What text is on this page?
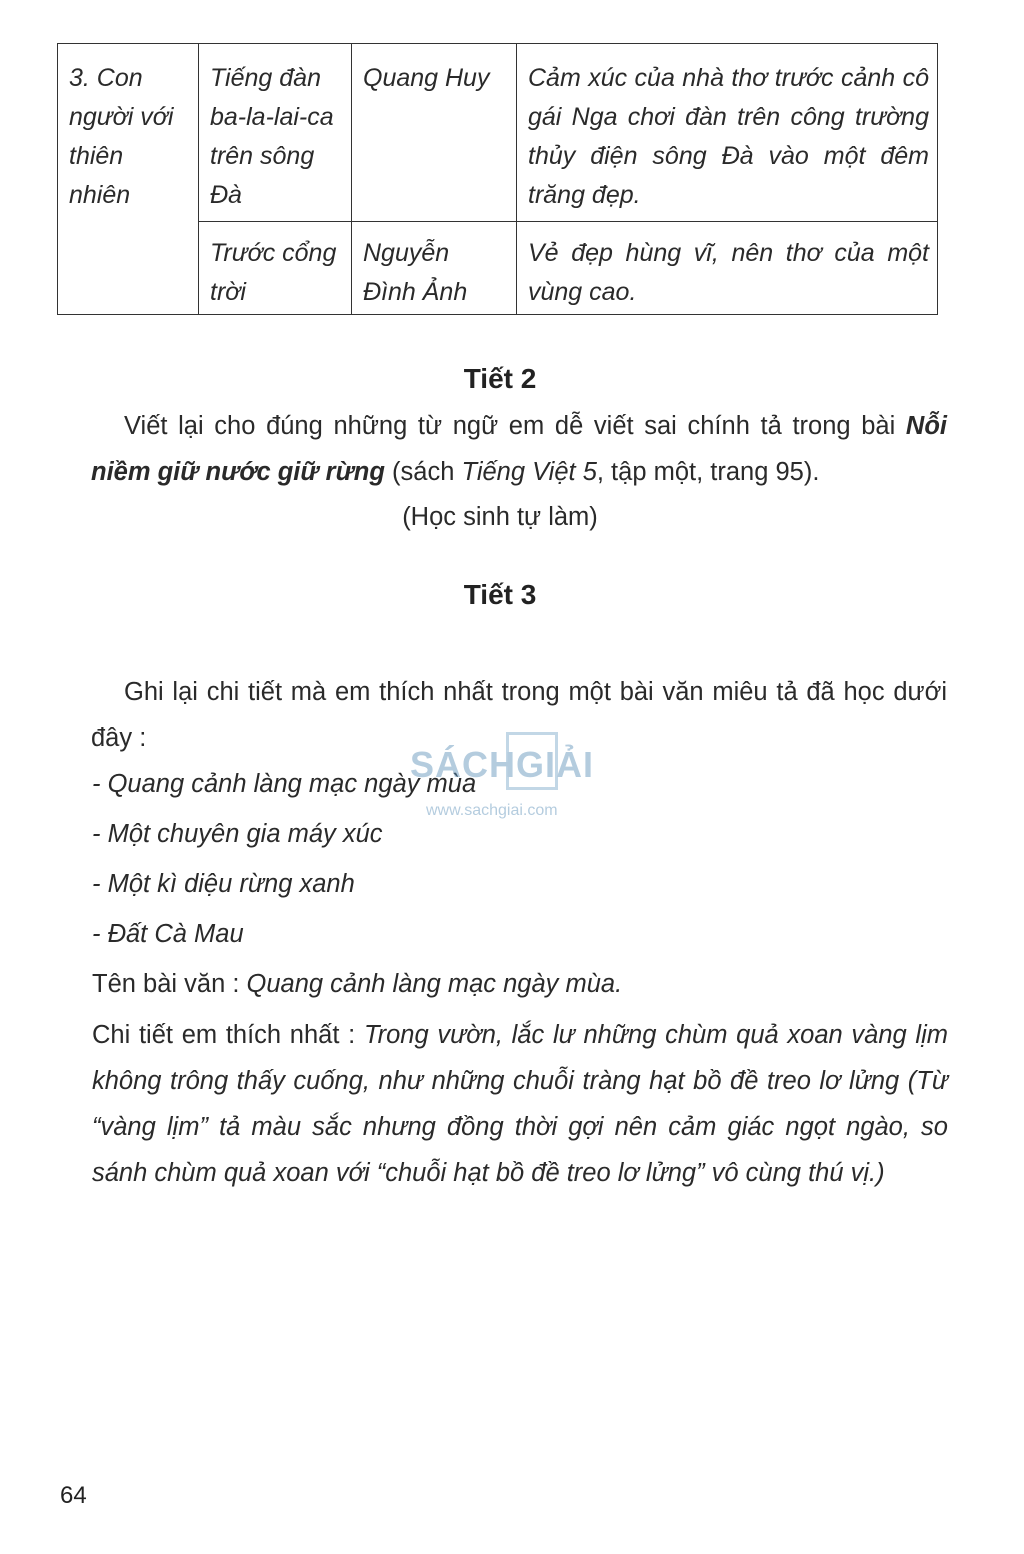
3. Con người với thiên nhiên	Tiếng đàn ba-la-lai-ca trên sông Đà	Quang Huy	Cảm xúc của nhà thơ trước cảnh cô gái Nga chơi đàn trên công trường thủy điện sông Đà vào một đêm trăng đẹp.
	Trước cổng trời	Nguyễn Đình Ảnh	Vẻ đẹp hùng vĩ, nên thơ của một vùng cao.
Tiết 2

Viết lại cho đúng những từ ngữ em dễ viết sai chính tả trong bài Nỗi niềm giữ nước giữ rừng (sách Tiếng Việt 5, tập một, trang 95).

(Học sinh tự làm)
Tiết 3

Ghi lại chi tiết mà em thích nhất trong một bài văn miêu tả đã học dưới đây :

- Quang cảnh làng mạc ngày mùa
- Một chuyên gia máy xúc
- Một kì diệu rừng xanh
- Đất Cà Mau
Tên bài văn : Quang cảnh làng mạc ngày mùa.

Chi tiết em thích nhất : Trong vườn, lắc lư những chùm quả xoan vàng lịm không trông thấy cuống, như những chuỗi tràng hạt bồ đề treo lơ lửng (Từ “vàng lịm” tả màu sắc nhưng đồng thời gợi nên cảm giác ngọt ngào, so sánh chùm quả xoan với “chuỗi hạt bồ đề treo lơ lửng” vô cùng thú vị.)

SÁCHGIẢI
www.sachgiai.com
64
